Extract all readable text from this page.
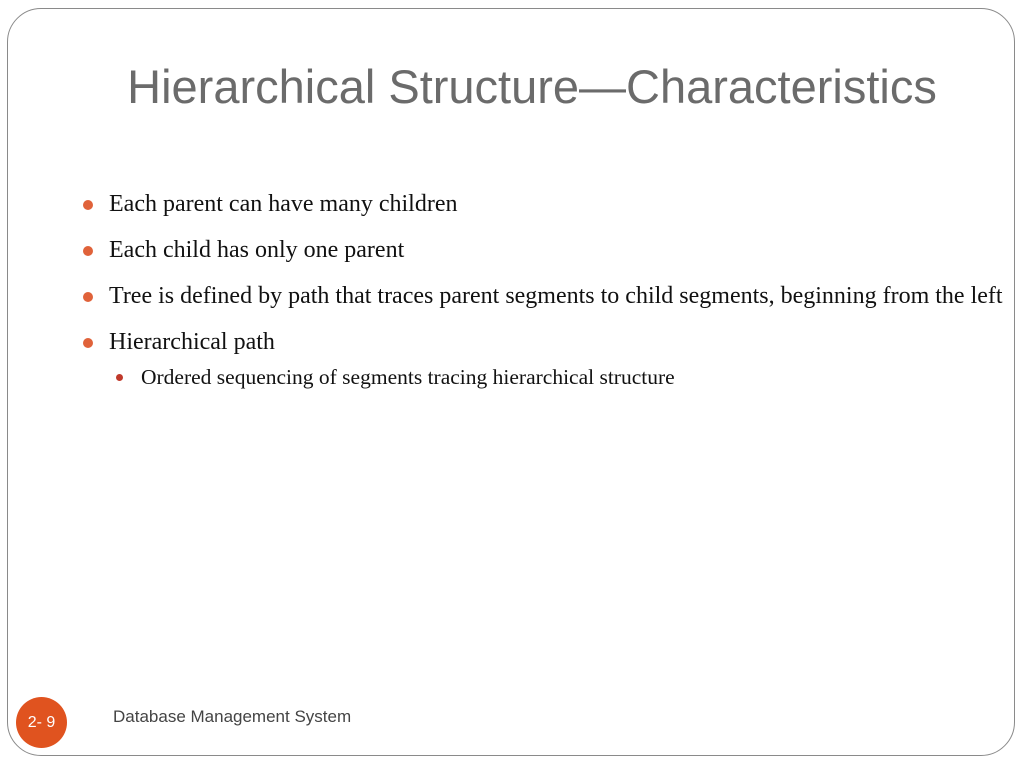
Hierarchical Structure—Characteristics
Each parent can have many children
Each child has only one parent
Tree is defined by path that traces parent segments to child segments, beginning from the left
Hierarchical path
Ordered sequencing of segments tracing hierarchical structure
2- 9	Database Management System
